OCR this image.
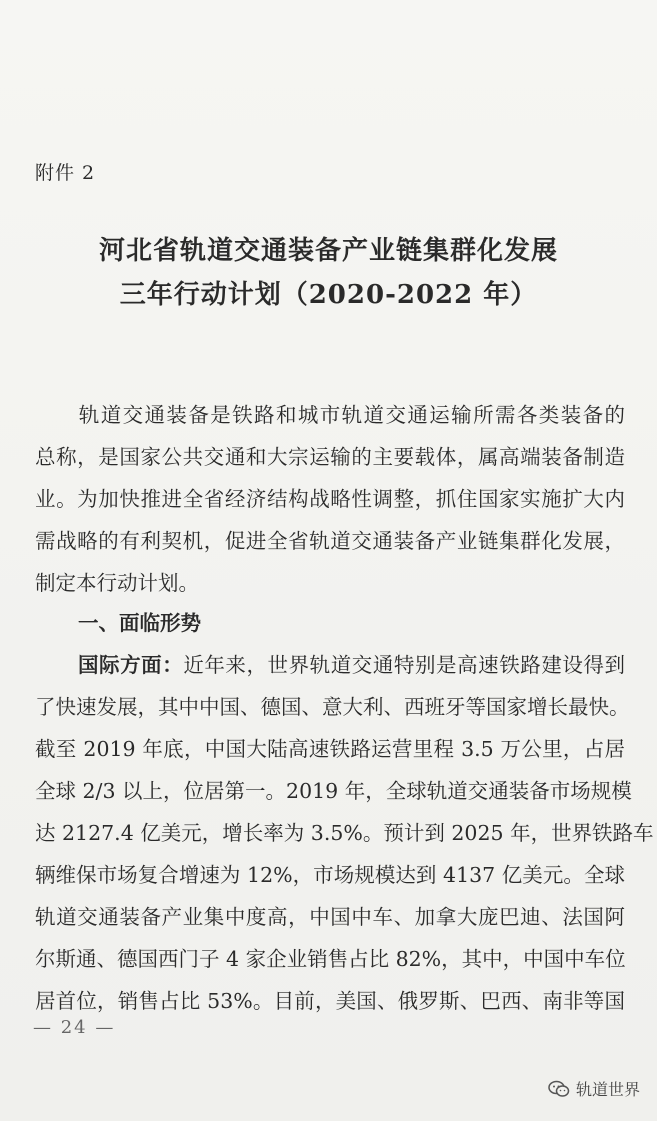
附件 2
河北省轨道交通装备产业链集群化发展
三年行动计划（2020-2022 年）
　　轨道交通装备是铁路和城市轨道交通运输所需各类装备的
总称，是国家公共交通和大宗运输的主要载体，属高端装备制造
业。为加快推进全省经济结构战略性调整，抓住国家实施扩大内
需战略的有利契机，促进全省轨道交通装备产业链集群化发展，
制定本行动计划。
一、面临形势
国际方面：近年来，世界轨道交通特别是高速铁路建设得到
了快速发展，其中中国、德国、意大利、西班牙等国家增长最快。
截至 2019 年底，中国大陆高速铁路运营里程 3.5 万公里，占居
全球 2/3 以上，位居第一。2019 年，全球轨道交通装备市场规模
达 2127.4 亿美元，增长率为 3.5%。预计到 2025 年，世界铁路车
辆维保市场复合增速为 12%，市场规模达到 4137 亿美元。全球
轨道交通装备产业集中度高，中国中车、加拿大庞巴迪、法国阿
尔斯通、德国西门子 4 家企业销售占比 82%，其中，中国中车位
居首位，销售占比 53%。目前，美国、俄罗斯、巴西、南非等国
— 24 —
轨道世界
